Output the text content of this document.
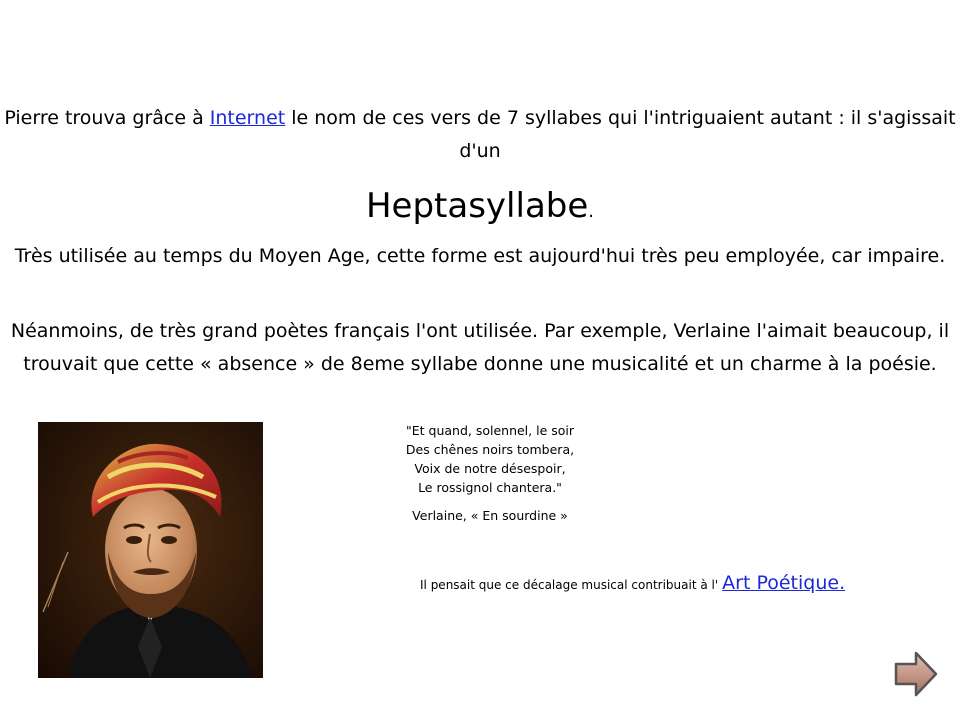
Pierre trouva grâce à Internet le nom de ces vers de 7 syllabes qui l'intriguaient autant : il s'agissait d'un
Heptasyllabe.
Très utilisée au temps du Moyen Age, cette forme est aujourd'hui très peu employée, car impaire.
Néanmoins, de très grand poètes français l'ont utilisée. Par exemple, Verlaine l'aimait beaucoup, il trouvait que cette « absence » de 8eme syllabe donne une musicalité et un charme à la poésie.
"Et quand, solennel, le soir
Des chênes noirs tombera,
Voix de notre désespoir,
Le rossignol chantera."
Verlaine, « En sourdine »
Il pensait que ce décalage musical contribuait à l' Art Poétique.
